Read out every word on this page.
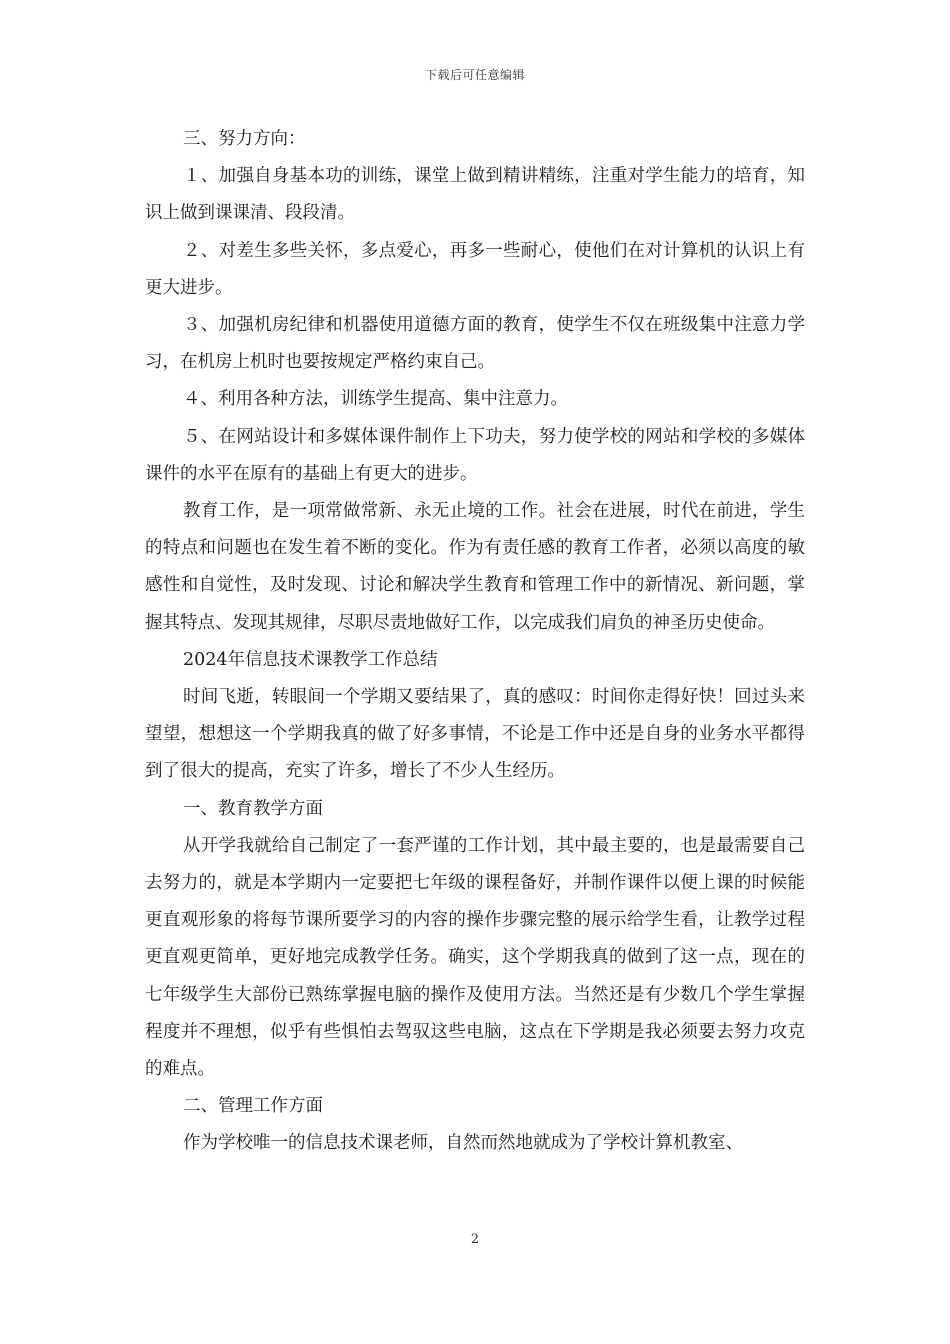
下载后可任意编辑

三、努力方向：

１、加强自身基本功的训练，课堂上做到精讲精练，注重对学生能力的培育，知识上做到课课清、段段清。

２、对差生多些关怀，多点爱心，再多一些耐心，使他们在对计算机的认识上有更大进步。

３、加强机房纪律和机器使用道德方面的教育，使学生不仅在班级集中注意力学习，在机房上机时也要按规定严格约束自己。

４、利用各种方法，训练学生提高、集中注意力。

５、在网站设计和多媒体课件制作上下功夫，努力使学校的网站和学校的多媒体课件的水平在原有的基础上有更大的进步。

教育工作，是一项常做常新、永无止境的工作。社会在进展，时代在前进，学生的特点和问题也在发生着不断的变化。作为有责任感的教育工作者，必须以高度的敏感性和自觉性，及时发现、讨论和解决学生教育和管理工作中的新情况、新问题，掌握其特点、发现其规律，尽职尽责地做好工作，以完成我们肩负的神圣历史使命。

2024年信息技术课教学工作总结

时间飞逝，转眼间一个学期又要结果了，真的感叹：时间你走得好快！回过头来望望，想想这一个学期我真的做了好多事情，不论是工作中还是自身的业务水平都得到了很大的提高，充实了许多，增长了不少人生经历。

一、教育教学方面

从开学我就给自己制定了一套严谨的工作计划，其中最主要的，也是最需要自己去努力的，就是本学期内一定要把七年级的课程备好，并制作课件以便上课的时候能更直观形象的将每节课所要学习的内容的操作步骤完整的展示给学生看，让教学过程更直观更简单，更好地完成教学任务。确实，这个学期我真的做到了这一点，现在的七年级学生大部份已熟练掌握电脑的操作及使用方法。当然还是有少数几个学生掌握程度并不理想，似乎有些惧怕去驾驭这些电脑，这点在下学期是我必须要去努力攻克的难点。

二、管理工作方面

作为学校唯一的信息技术课老师，自然而然地就成为了学校计算机教室、

2
